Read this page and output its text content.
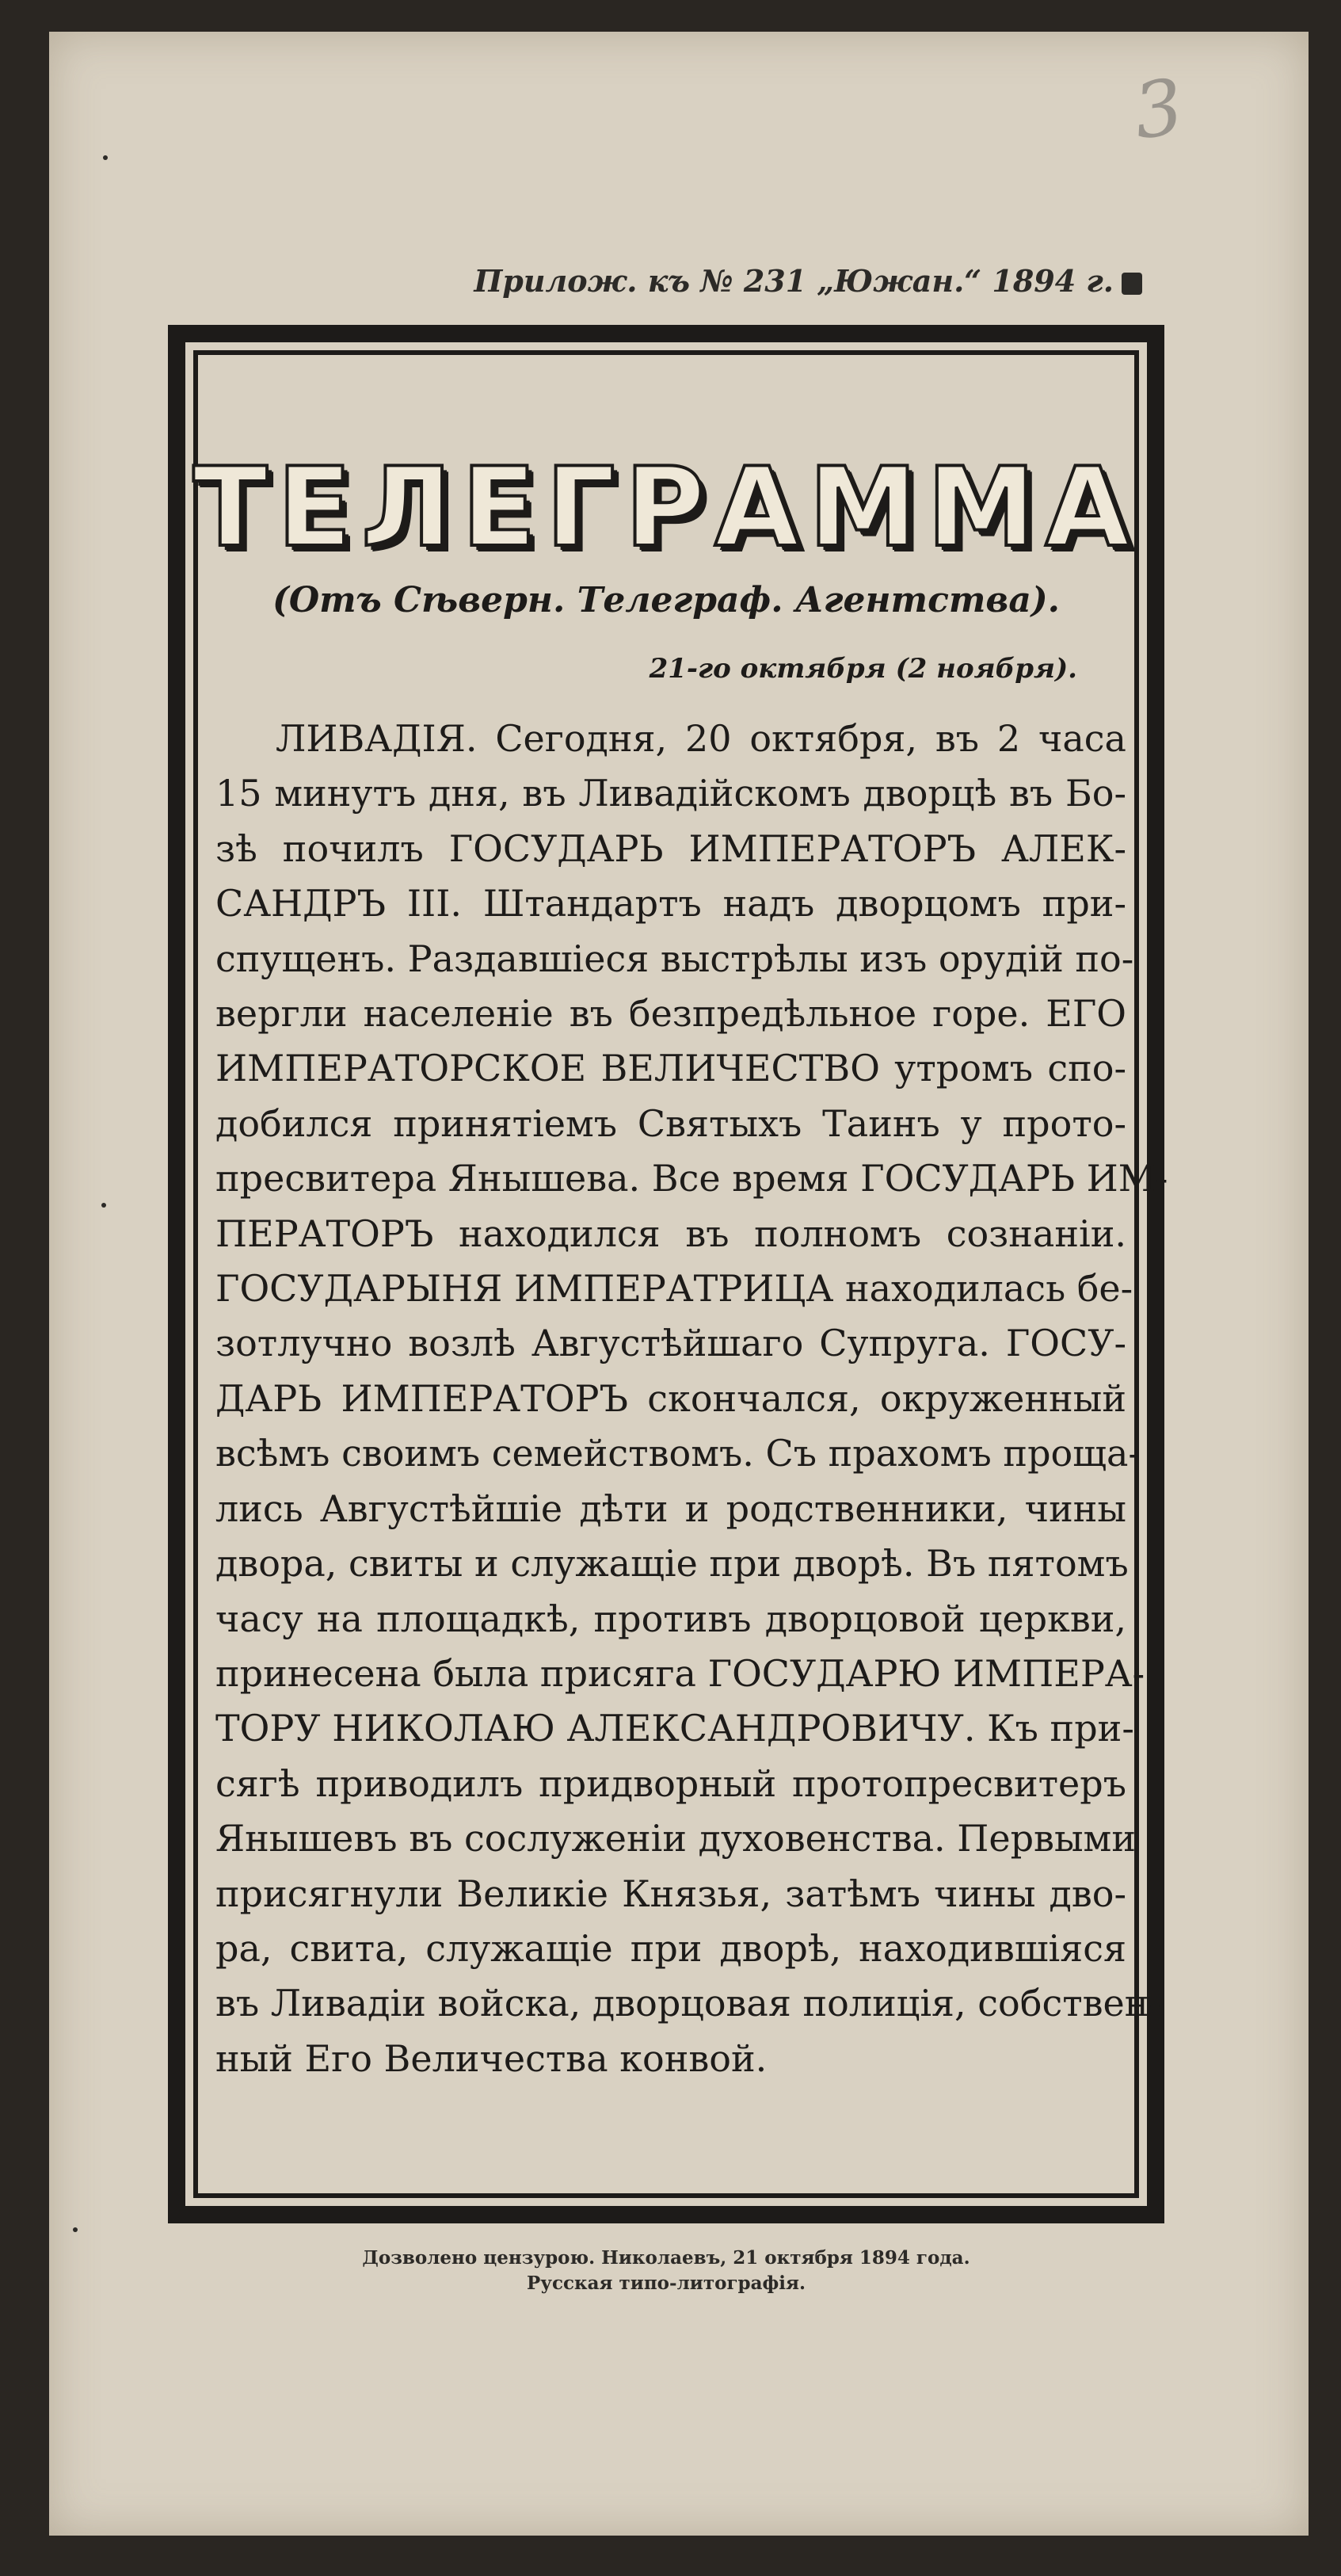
3
Прилож. къ № 231 „Южан.“ 1894 г.
ТЕЛЕГРАММА
(Отъ Сѣверн. Телеграф. Агентства).
21-го октября (2 ноября).
ЛИВАДІЯ. Сегодня, 20 октября, въ 2 часа
15 минутъ дня, въ Ливадійскомъ дворцѣ въ Бо-
зѣ почилъ ГОСУДАРЬ ИМПЕРАТОРЪ АЛЕК-
САНДРЪ III. Штандартъ надъ дворцомъ при-
спущенъ. Раздавшіеся выстрѣлы изъ орудій по-
вергли населеніе въ безпредѣльное горе. ЕГО
ИМПЕРАТОРСКОЕ ВЕЛИЧЕСТВО утромъ спо-
добился принятіемъ Святыхъ Таинъ у прото-
пресвитера Янышева. Все время ГОСУДАРЬ ИМ-
ПЕРАТОРЪ находился въ полномъ сознаніи.
ГОСУДАРЫНЯ ИМПЕРАТРИЦА находилась бе-
зотлучно возлѣ Августѣйшаго Супруга. ГОСУ-
ДАРЬ ИМПЕРАТОРЪ скончался, окруженный
всѣмъ своимъ семействомъ. Съ прахомъ проща-
лись Августѣйшіе дѣти и родственники, чины
двора, свиты и служащіе при дворѣ. Въ пятомъ
часу на площадкѣ, противъ дворцовой церкви,
принесена была присяга ГОСУДАРЮ ИМПЕРА-
ТОРУ НИКОЛАЮ АЛЕКСАНДРОВИЧУ. Къ при-
сягѣ приводилъ придворный протопресвитеръ
Янышевъ въ сослуженіи духовенства. Первыми
присягнули Великіе Князья, затѣмъ чины дво-
ра, свита, служащіе при дворѣ, находившіяся
въ Ливадіи войска, дворцовая полиція, собствен-
ный Его Величества конвой.
Дозволено цензурою. Николаевъ, 21 октября 1894 года.
Русская типо-литографія.
